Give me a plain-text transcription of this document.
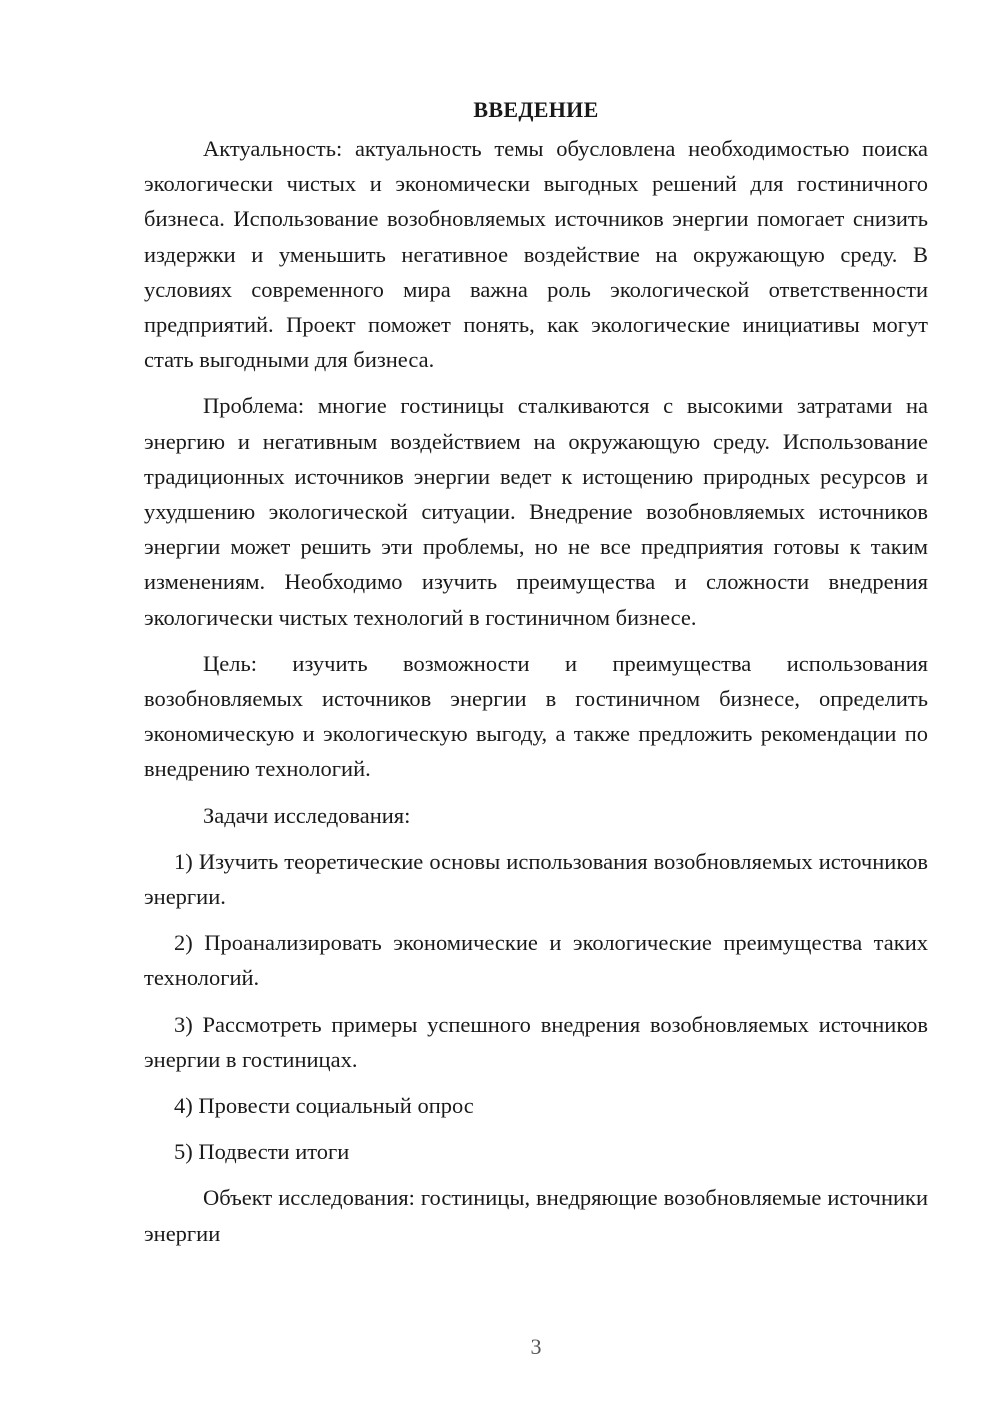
ВВЕДЕНИЕ

Актуальность: актуальность темы обусловлена необходимостью поиска экологически чистых и экономически выгодных решений для гостиничного бизнеса. Использование возобновляемых источников энергии помогает снизить издержки и уменьшить негативное воздействие на окружающую среду. В условиях современного мира важна роль экологической ответственности предприятий. Проект поможет понять, как экологические инициативы могут стать выгодными для бизнеса.

Проблема: многие гостиницы сталкиваются с высокими затратами на энергию и негативным воздействием на окружающую среду. Использование традиционных источников энергии ведет к истощению природных ресурсов и ухудшению экологической ситуации. Внедрение возобновляемых источников энергии может решить эти проблемы, но не все предприятия готовы к таким изменениям. Необходимо изучить преимущества и сложности внедрения экологически чистых технологий в гостиничном бизнесе.

Цель: изучить возможности и преимущества использования возобновляемых источников энергии в гостиничном бизнесе, определить экономическую и экологическую выгоду, а также предложить рекомендации по внедрению технологий.

Задачи исследования:

1) Изучить теоретические основы использования возобновляемых источников энергии.

2) Проанализировать экономические и экологические преимущества таких технологий.

3) Рассмотреть примеры успешного внедрения возобновляемых источников энергии в гостиницах.

4) Провести социальный опрос

5) Подвести итоги

Объект исследования: гостиницы, внедряющие возобновляемые источники энергии

3
